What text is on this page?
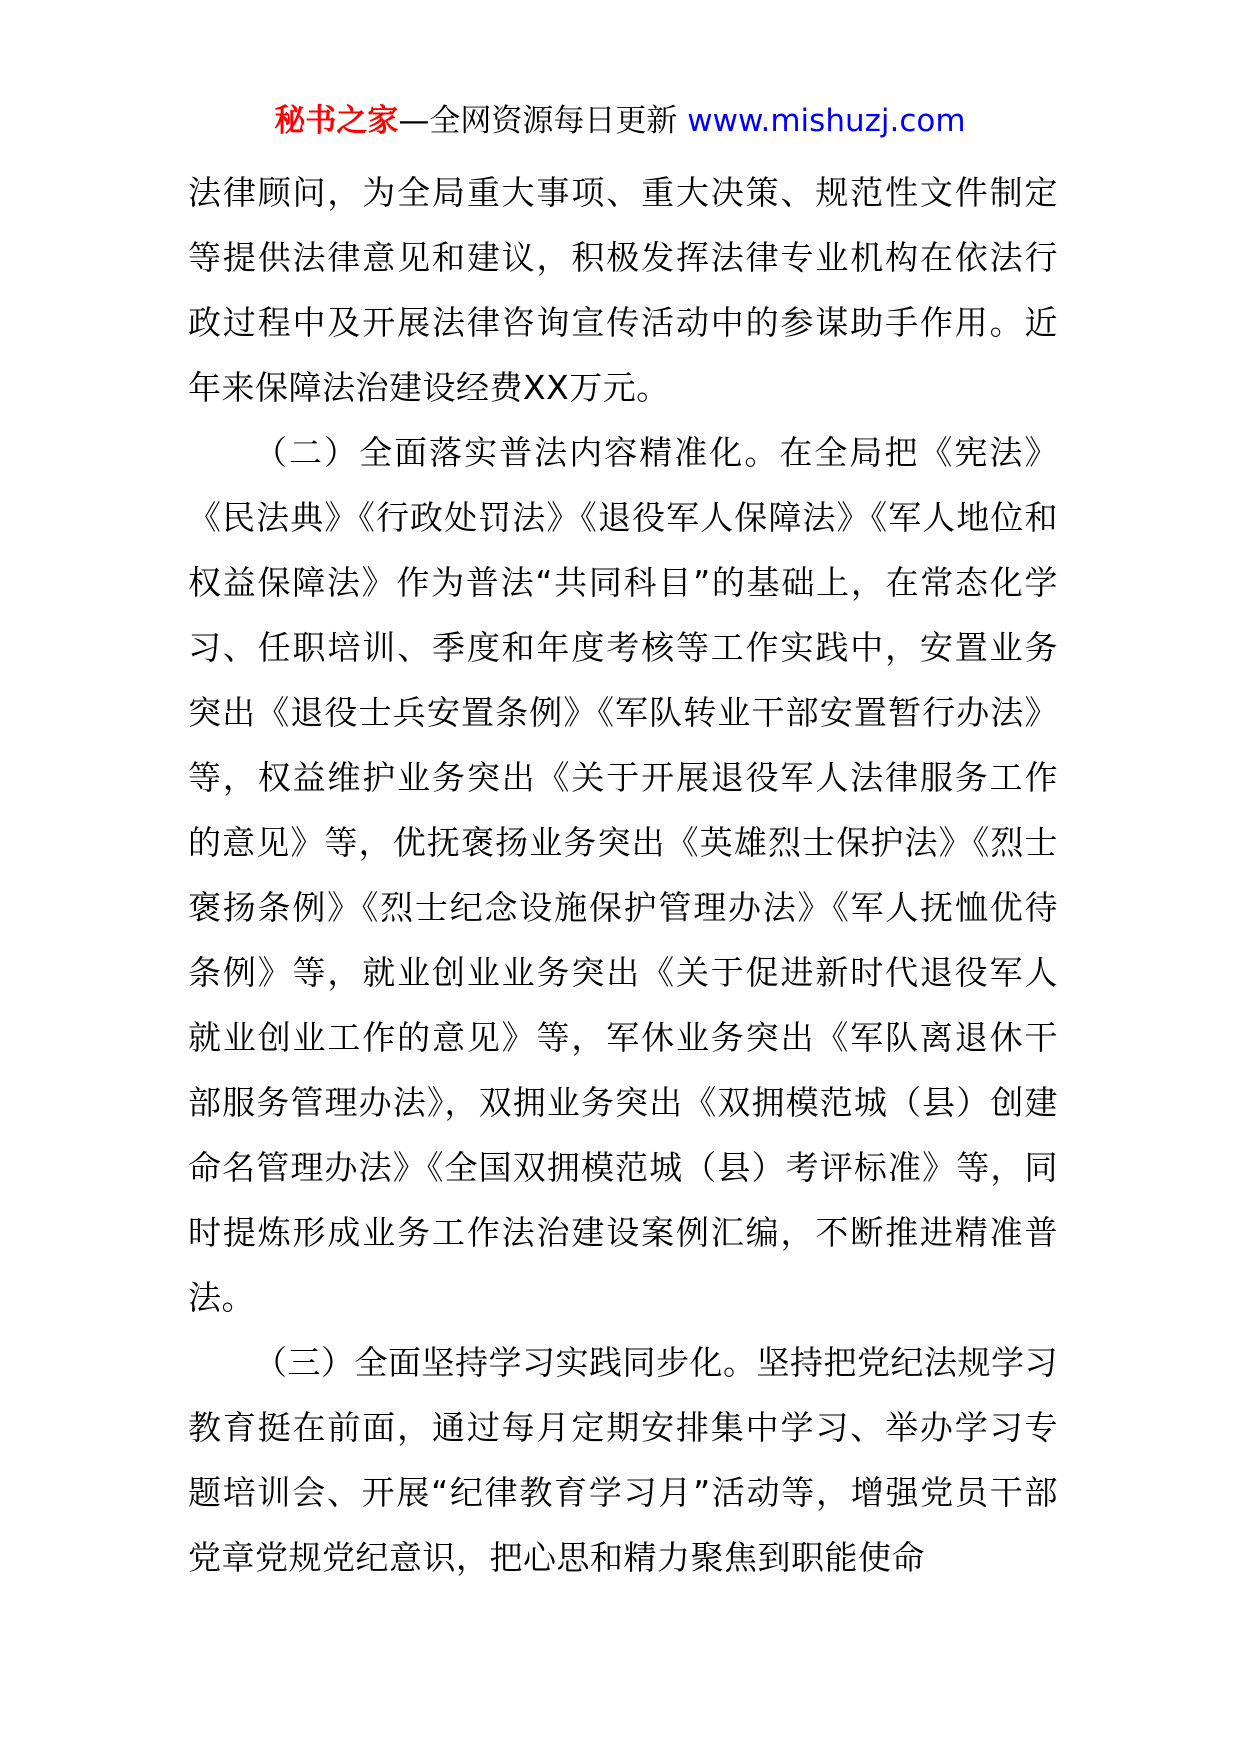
秘书之家—全网资源每日更新 www.mishuzj.com

法律顾问，为全局重大事项、重大决策、规范性文件制定等提供法律意见和建议，积极发挥法律专业机构在依法行政过程中及开展法律咨询宣传活动中的参谋助手作用。近年来保障法治建设经费XX万元。

（二）全面落实普法内容精准化。在全局把《宪法》《民法典》《行政处罚法》《退役军人保障法》《军人地位和权益保障法》作为普法“共同科目”的基础上，在常态化学习、任职培训、季度和年度考核等工作实践中，安置业务突出《退役士兵安置条例》《军队转业干部安置暂行办法》等，权益维护业务突出《关于开展退役军人法律服务工作的意见》等，优抚褒扬业务突出《英雄烈士保护法》《烈士褒扬条例》《烈士纪念设施保护管理办法》《军人抚恤优待条例》等，就业创业业务突出《关于促进新时代退役军人就业创业工作的意见》等，军休业务突出《军队离退休干部服务管理办法》，双拥业务突出《双拥模范城（县）创建命名管理办法》《全国双拥模范城（县）考评标准》等，同时提炼形成业务工作法治建设案例汇编，不断推进精准普法。

（三）全面坚持学习实践同步化。坚持把党纪法规学习教育挺在前面，通过每月定期安排集中学习、举办学习专题培训会、开展“纪律教育学习月”活动等，增强党员干部党章党规党纪意识，把心思和精力聚焦到职能使命
